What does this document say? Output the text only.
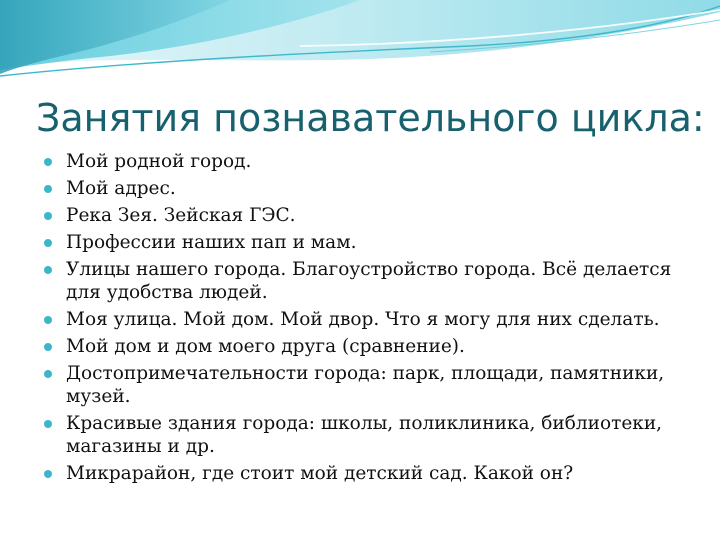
Занятия познавательного цикла:
Мой родной город.
Мой адрес.
Река Зея. Зейская ГЭС.
Профессии наших пап и мам.
Улицы нашего города. Благоустройство города. Всё делается для удобства людей.
Моя улица. Мой дом. Мой двор. Что я могу для них сделать.
Мой дом и дом моего друга (сравнение).
Достопримечательности города: парк, площади, памятники, музей.
Красивые здания города: школы, поликлиника, библиотеки, магазины и др.
Микрарайон, где стоит мой детский сад. Какой он?
